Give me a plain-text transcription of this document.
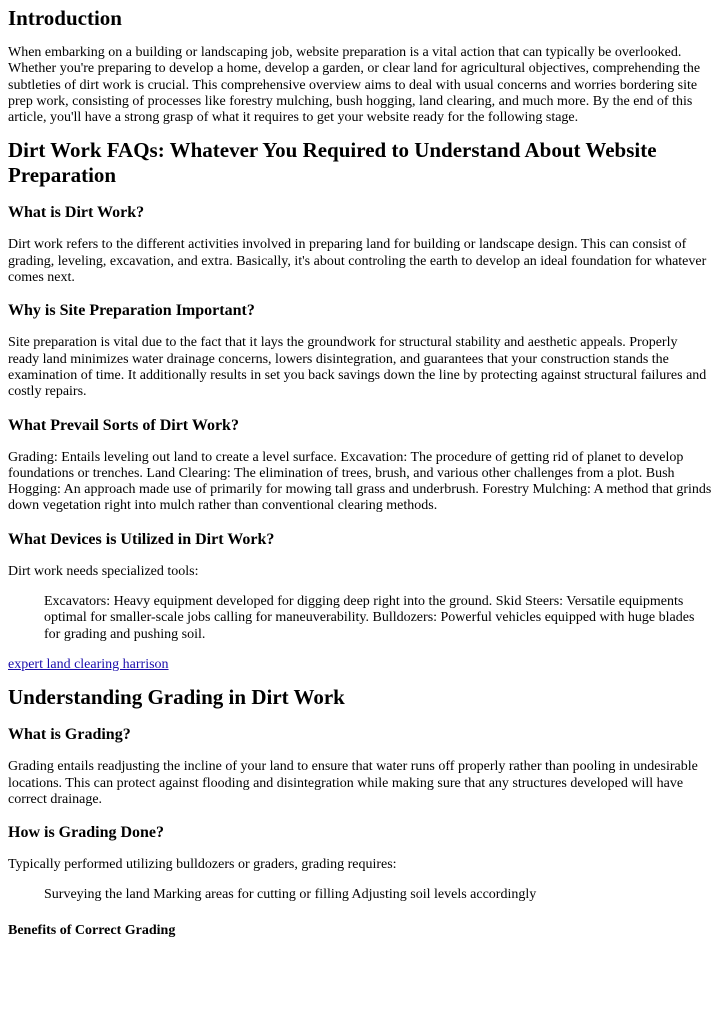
Introduction

When embarking on a building or landscaping job, website preparation is a vital action that can typically be overlooked. Whether you're preparing to develop a home, develop a garden, or clear land for agricultural objectives, comprehending the subtleties of dirt work is crucial. This comprehensive overview aims to deal with usual concerns and worries bordering site prep work, consisting of processes like forestry mulching, bush hogging, land clearing, and much more. By the end of this article, you'll have a strong grasp of what it requires to get your website ready for the following stage.

Dirt Work FAQs: Whatever You Required to Understand About Website Preparation
What is Dirt Work?

Dirt work refers to the different activities involved in preparing land for building or landscape design. This can consist of grading, leveling, excavation, and extra. Basically, it's about controling the earth to develop an ideal foundation for whatever comes next.

Why is Site Preparation Important?

Site preparation is vital due to the fact that it lays the groundwork for structural stability and aesthetic appeals. Properly ready land minimizes water drainage concerns, lowers disintegration, and guarantees that your construction stands the examination of time. It additionally results in set you back savings down the line by protecting against structural failures and costly repairs.

What Prevail Sorts of Dirt Work?

Grading: Entails leveling out land to create a level surface. Excavation: The procedure of getting rid of planet to develop foundations or trenches. Land Clearing: The elimination of trees, brush, and various other challenges from a plot. Bush Hogging: An approach made use of primarily for mowing tall grass and underbrush. Forestry Mulching: A method that grinds down vegetation right into mulch rather than conventional clearing methods.

What Devices is Utilized in Dirt Work?

Dirt work needs specialized tools:

Excavators: Heavy equipment developed for digging deep right into the ground. Skid Steers: Versatile equipments optimal for smaller-scale jobs calling for maneuverability. Bulldozers: Powerful vehicles equipped with huge blades for grading and pushing soil.
expert land clearing harrison
Understanding Grading in Dirt Work
What is Grading?

Grading entails readjusting the incline of your land to ensure that water runs off properly rather than pooling in undesirable locations. This can protect against flooding and disintegration while making sure that any structures developed will have correct drainage.

How is Grading Done?

Typically performed utilizing bulldozers or graders, grading requires:

Surveying the land Marking areas for cutting or filling Adjusting soil levels accordingly
Benefits of Correct Grading
